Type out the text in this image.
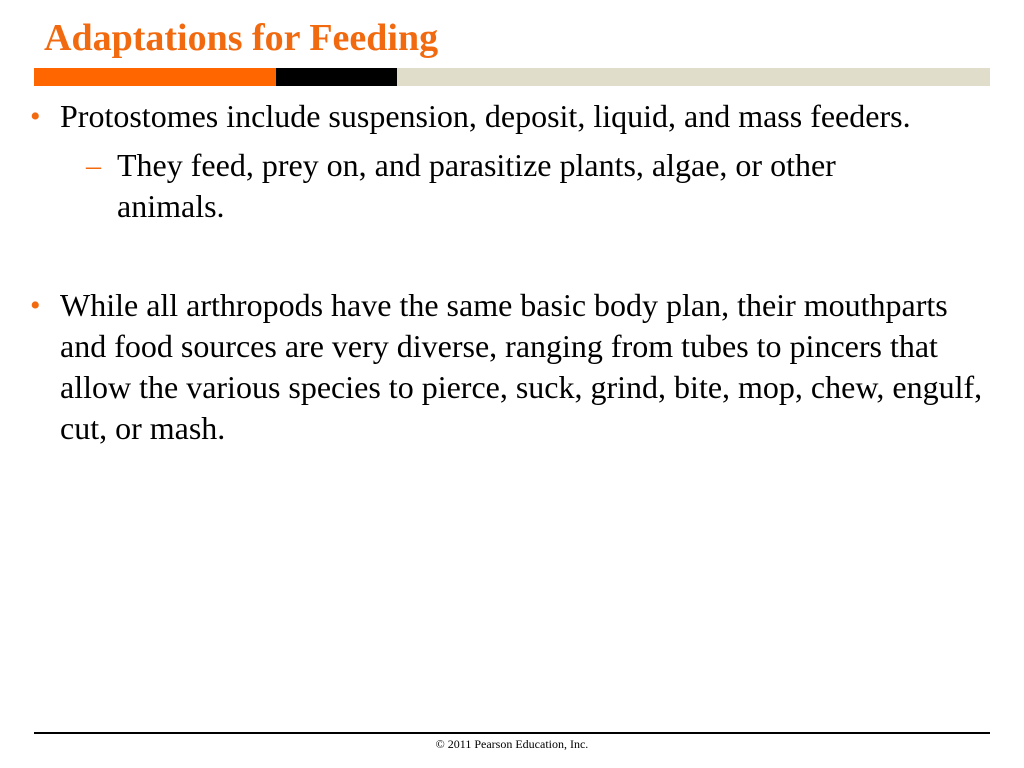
Adaptations for Feeding
• Protostomes include suspension, deposit, liquid, and mass feeders.
– They feed, prey on, and parasitize plants, algae, or other animals.
• While all arthropods have the same basic body plan, their mouthparts and food sources are very diverse, ranging from tubes to pincers that allow the various species to pierce, suck, grind, bite, mop, chew, engulf, cut, or mash.
© 2011 Pearson Education, Inc.
